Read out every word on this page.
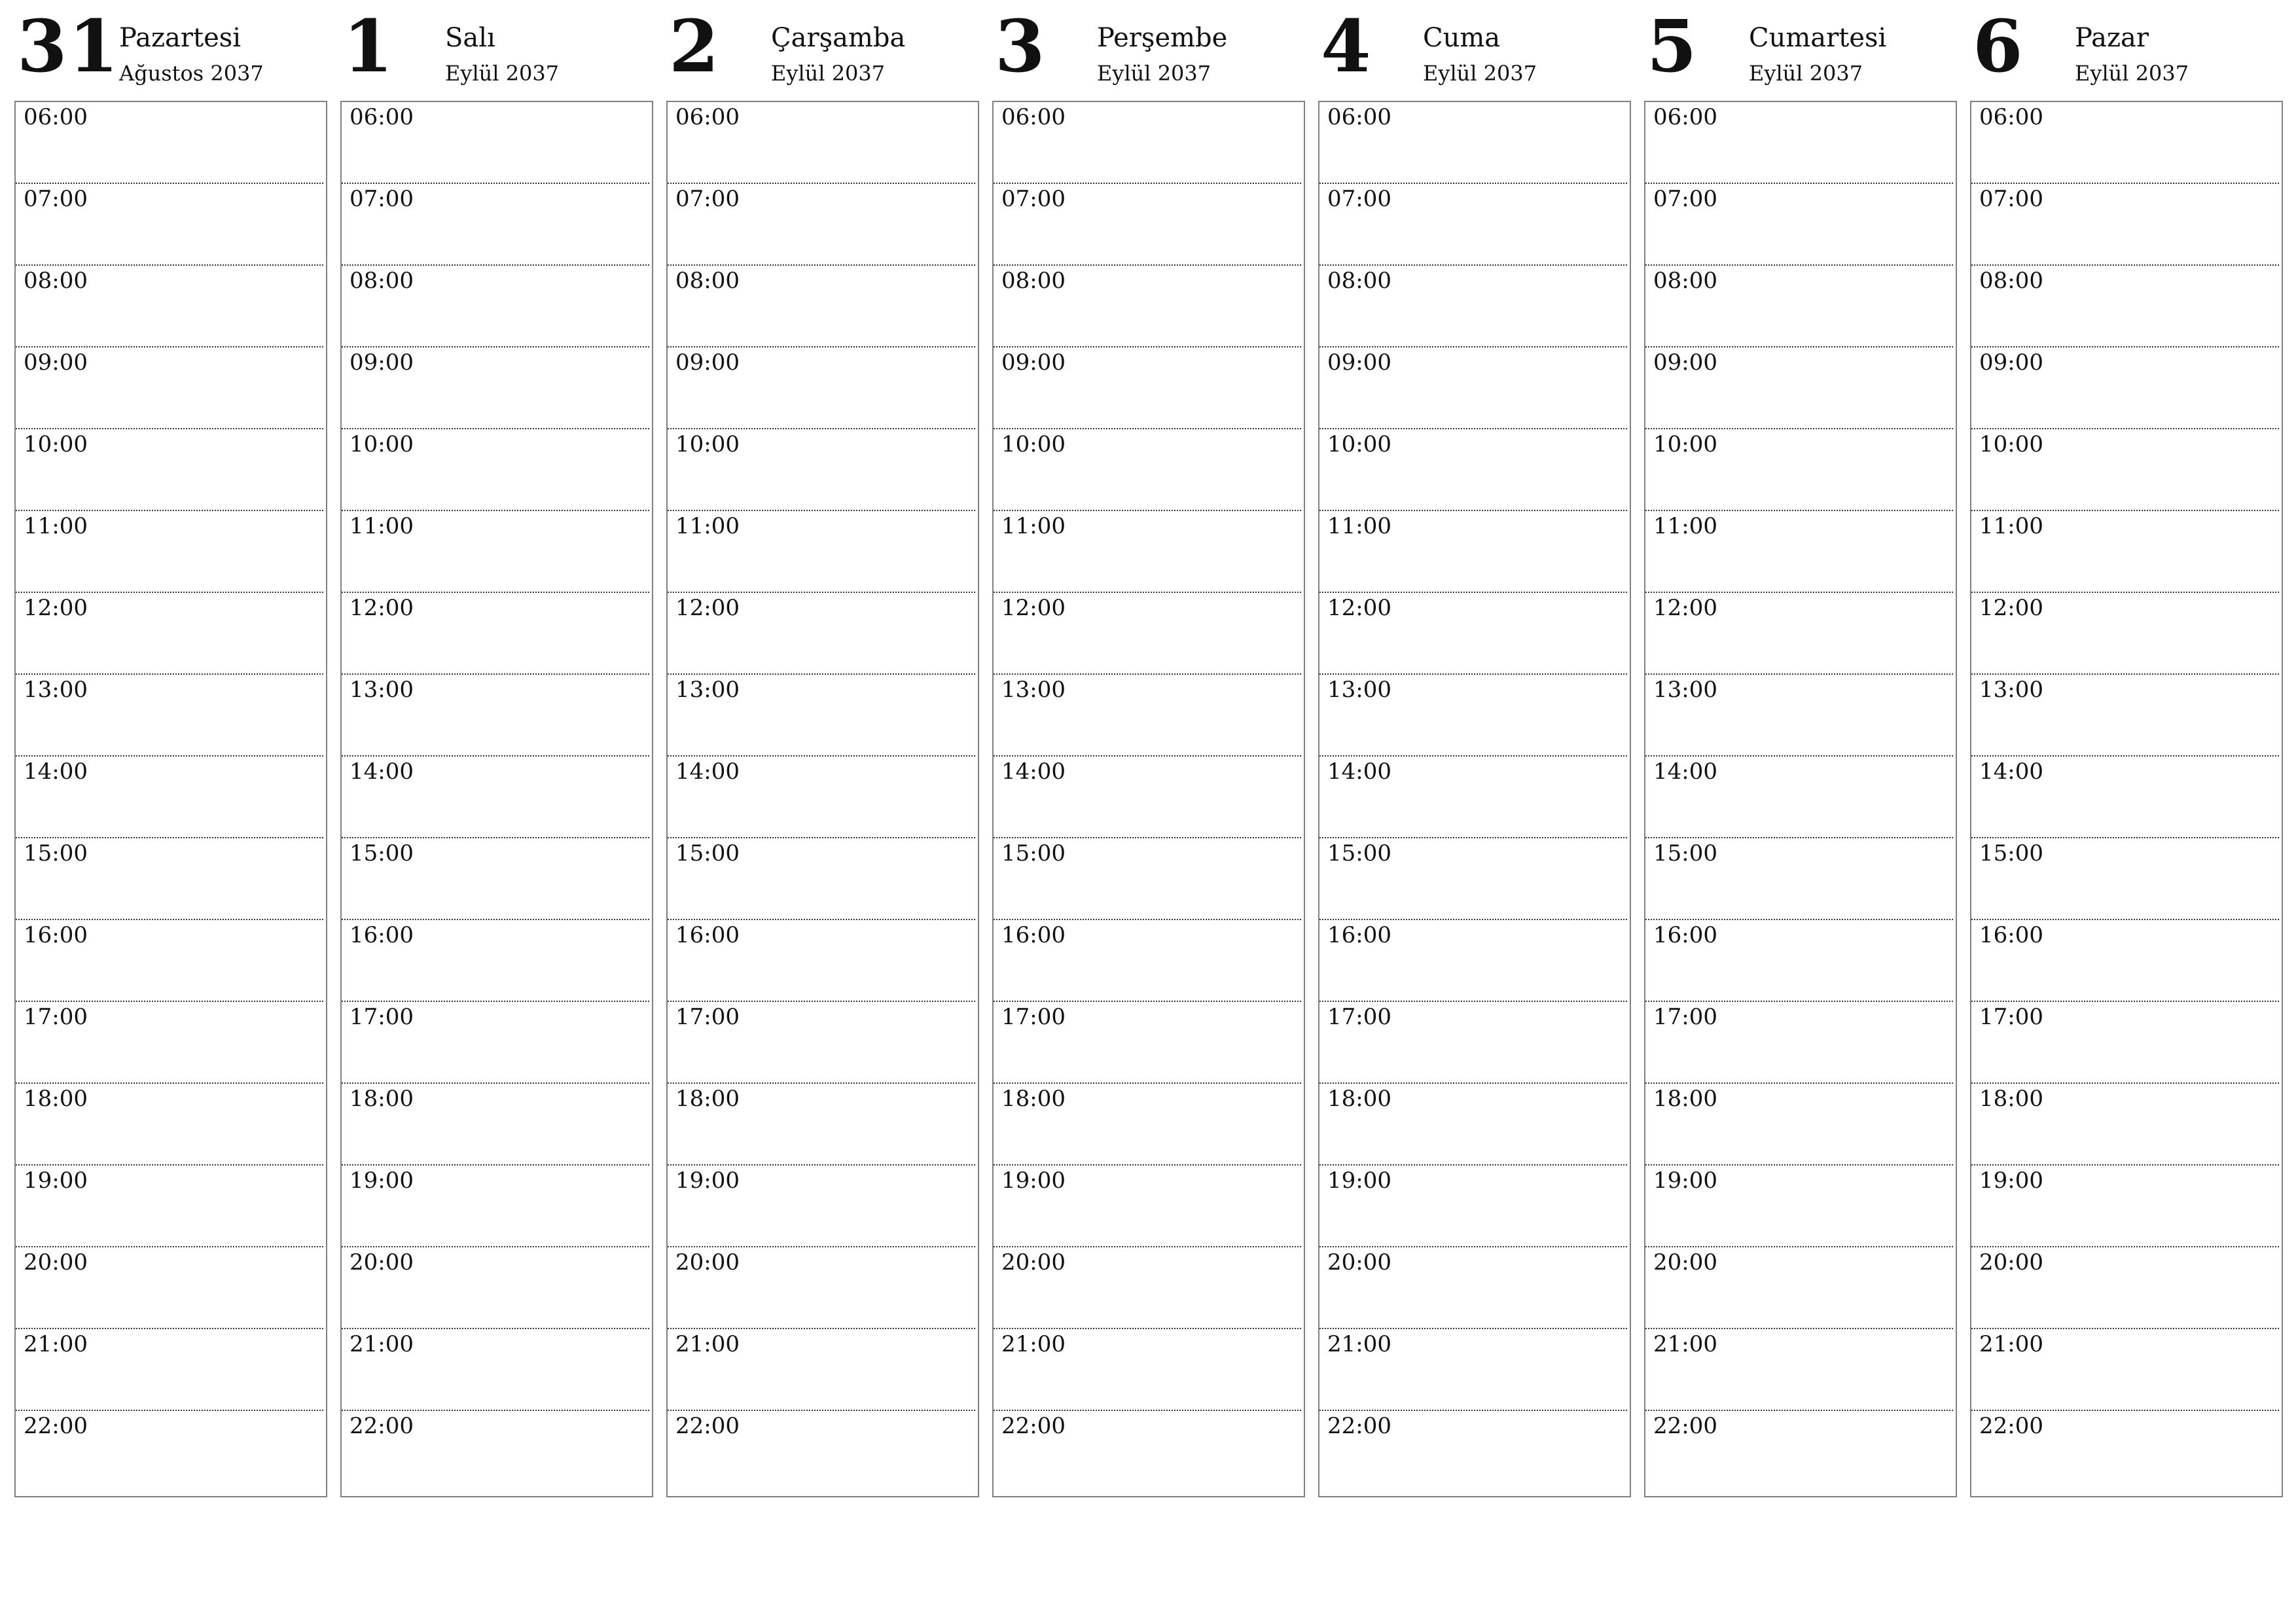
31
Pazartesi
Ağustos 2037
06:00
07:00
08:00
09:00
10:00
11:00
12:00
13:00
14:00
15:00
16:00
17:00
18:00
19:00
20:00
21:00
22:00
1 Salı
Eylül 2037
06:00
07:00
08:00
09:00
10:00
11:00
12:00
13:00
14:00
15:00
16:00
17:00
18:00
19:00
20:00
21:00
22:00
2 Çarşamba
Eylül 2037
06:00
07:00
08:00
09:00
10:00
11:00
12:00
13:00
14:00
15:00
16:00
17:00
18:00
19:00
20:00
21:00
22:00
3 Perşembe
Eylül 2037
06:00
07:00
08:00
09:00
10:00
11:00
12:00
13:00
14:00
15:00
16:00
17:00
18:00
19:00
20:00
21:00
22:00
4 Cuma
Eylül 2037
06:00
07:00
08:00
09:00
10:00
11:00
12:00
13:00
14:00
15:00
16:00
17:00
18:00
19:00
20:00
21:00
22:00
5 Cumartesi
Eylül 2037
06:00
07:00
08:00
09:00
10:00
11:00
12:00
13:00
14:00
15:00
16:00
17:00
18:00
19:00
20:00
21:00
22:00
6 Pazar
Eylül 2037
06:00
07:00
08:00
09:00
10:00
11:00
12:00
13:00
14:00
15:00
16:00
17:00
18:00
19:00
20:00
21:00
22:00
